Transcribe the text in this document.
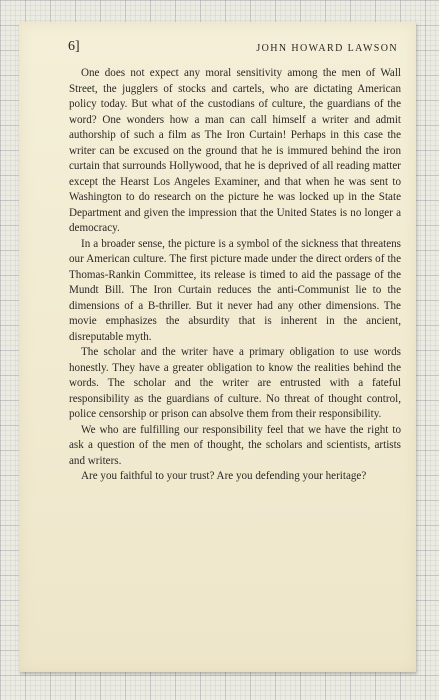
6]	JOHN HOWARD LAWSON

One does not expect any moral sensitivity among the men of Wall Street, the jugglers of stocks and cartels, who are dictating American policy today. But what of the custodians of culture, the guardians of the word? One wonders how a man can call himself a writer and admit authorship of such a film as The Iron Curtain! Perhaps in this case the writer can be excused on the ground that he is immured behind the iron curtain that surrounds Hollywood, that he is deprived of all reading matter except the Hearst Los Angeles Examiner, and that when he was sent to Washington to do research on the picture he was locked up in the State Department and given the impression that the United States is no longer a democracy.

In a broader sense, the picture is a symbol of the sickness that threatens our American culture. The first picture made under the direct orders of the Thomas-Rankin Committee, its release is timed to aid the passage of the Mundt Bill. The Iron Curtain reduces the anti-Communist lie to the dimensions of a B-thriller. But it never had any other dimensions. The movie emphasizes the absurdity that is inherent in the ancient, disreputable myth.

The scholar and the writer have a primary obligation to use words honestly. They have a greater obligation to know the realities behind the words. The scholar and the writer are entrusted with a fateful responsibility as the guardians of culture. No threat of thought control, police censorship or prison can absolve them from their responsibility.

We who are fulfilling our responsibility feel that we have the right to ask a question of the men of thought, the scholars and scientists, artists and writers.

Are you faithful to your trust? Are you defending your heritage?
